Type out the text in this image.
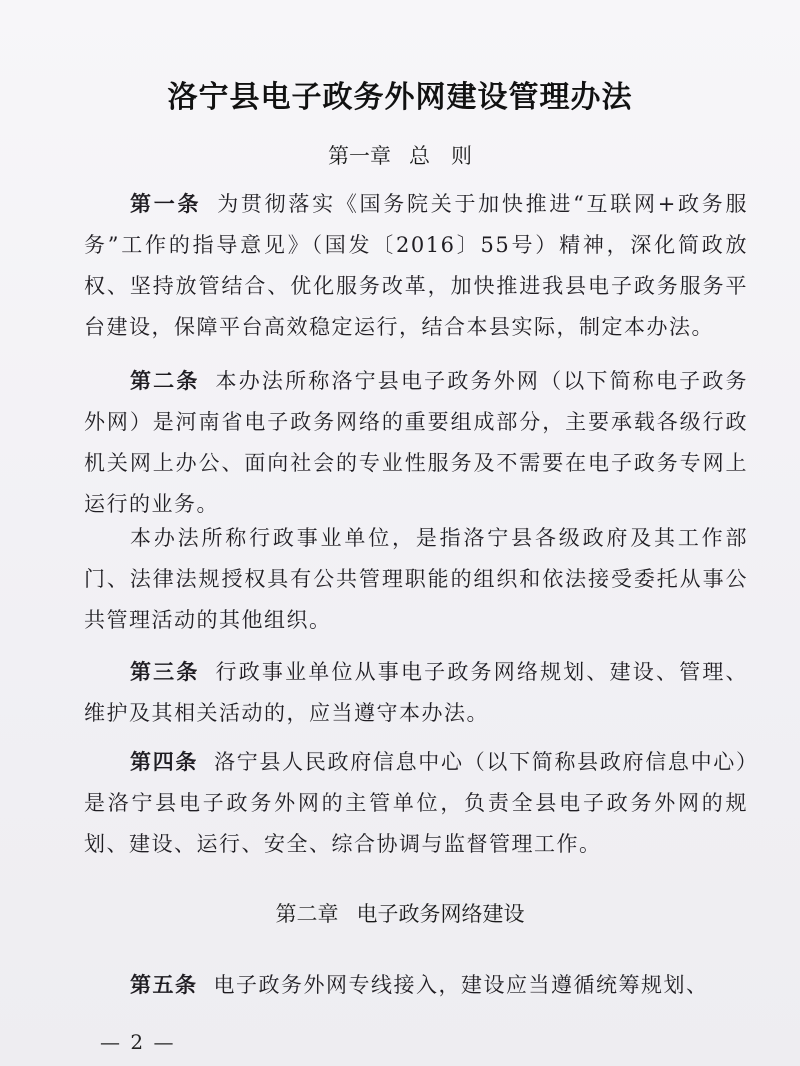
洛宁县电子政务外网建设管理办法
第一章 总　则

第一条 为贯彻落实《国务院关于加快推进“互联网+政务服务”工作的指导意见》（国发〔2016〕55号）精神，深化简政放权、坚持放管结合、优化服务改革，加快推进我县电子政务服务平台建设，保障平台高效稳定运行，结合本县实际，制定本办法。

第二条 本办法所称洛宁县电子政务外网（以下简称电子政务外网）是河南省电子政务网络的重要组成部分，主要承载各级行政机关网上办公、面向社会的专业性服务及不需要在电子政务专网上运行的业务。

本办法所称行政事业单位，是指洛宁县各级政府及其工作部门、法律法规授权具有公共管理职能的组织和依法接受委托从事公共管理活动的其他组织。

第三条 行政事业单位从事电子政务网络规划、建设、管理、维护及其相关活动的，应当遵守本办法。

第四条 洛宁县人民政府信息中心（以下简称县政府信息中心）是洛宁县电子政务外网的主管单位，负责全县电子政务外网的规划、建设、运行、安全、综合协调与监督管理工作。

第二章 电子政务网络建设

第五条 电子政务外网专线接入，建设应当遵循统筹规划、

— 2 —
